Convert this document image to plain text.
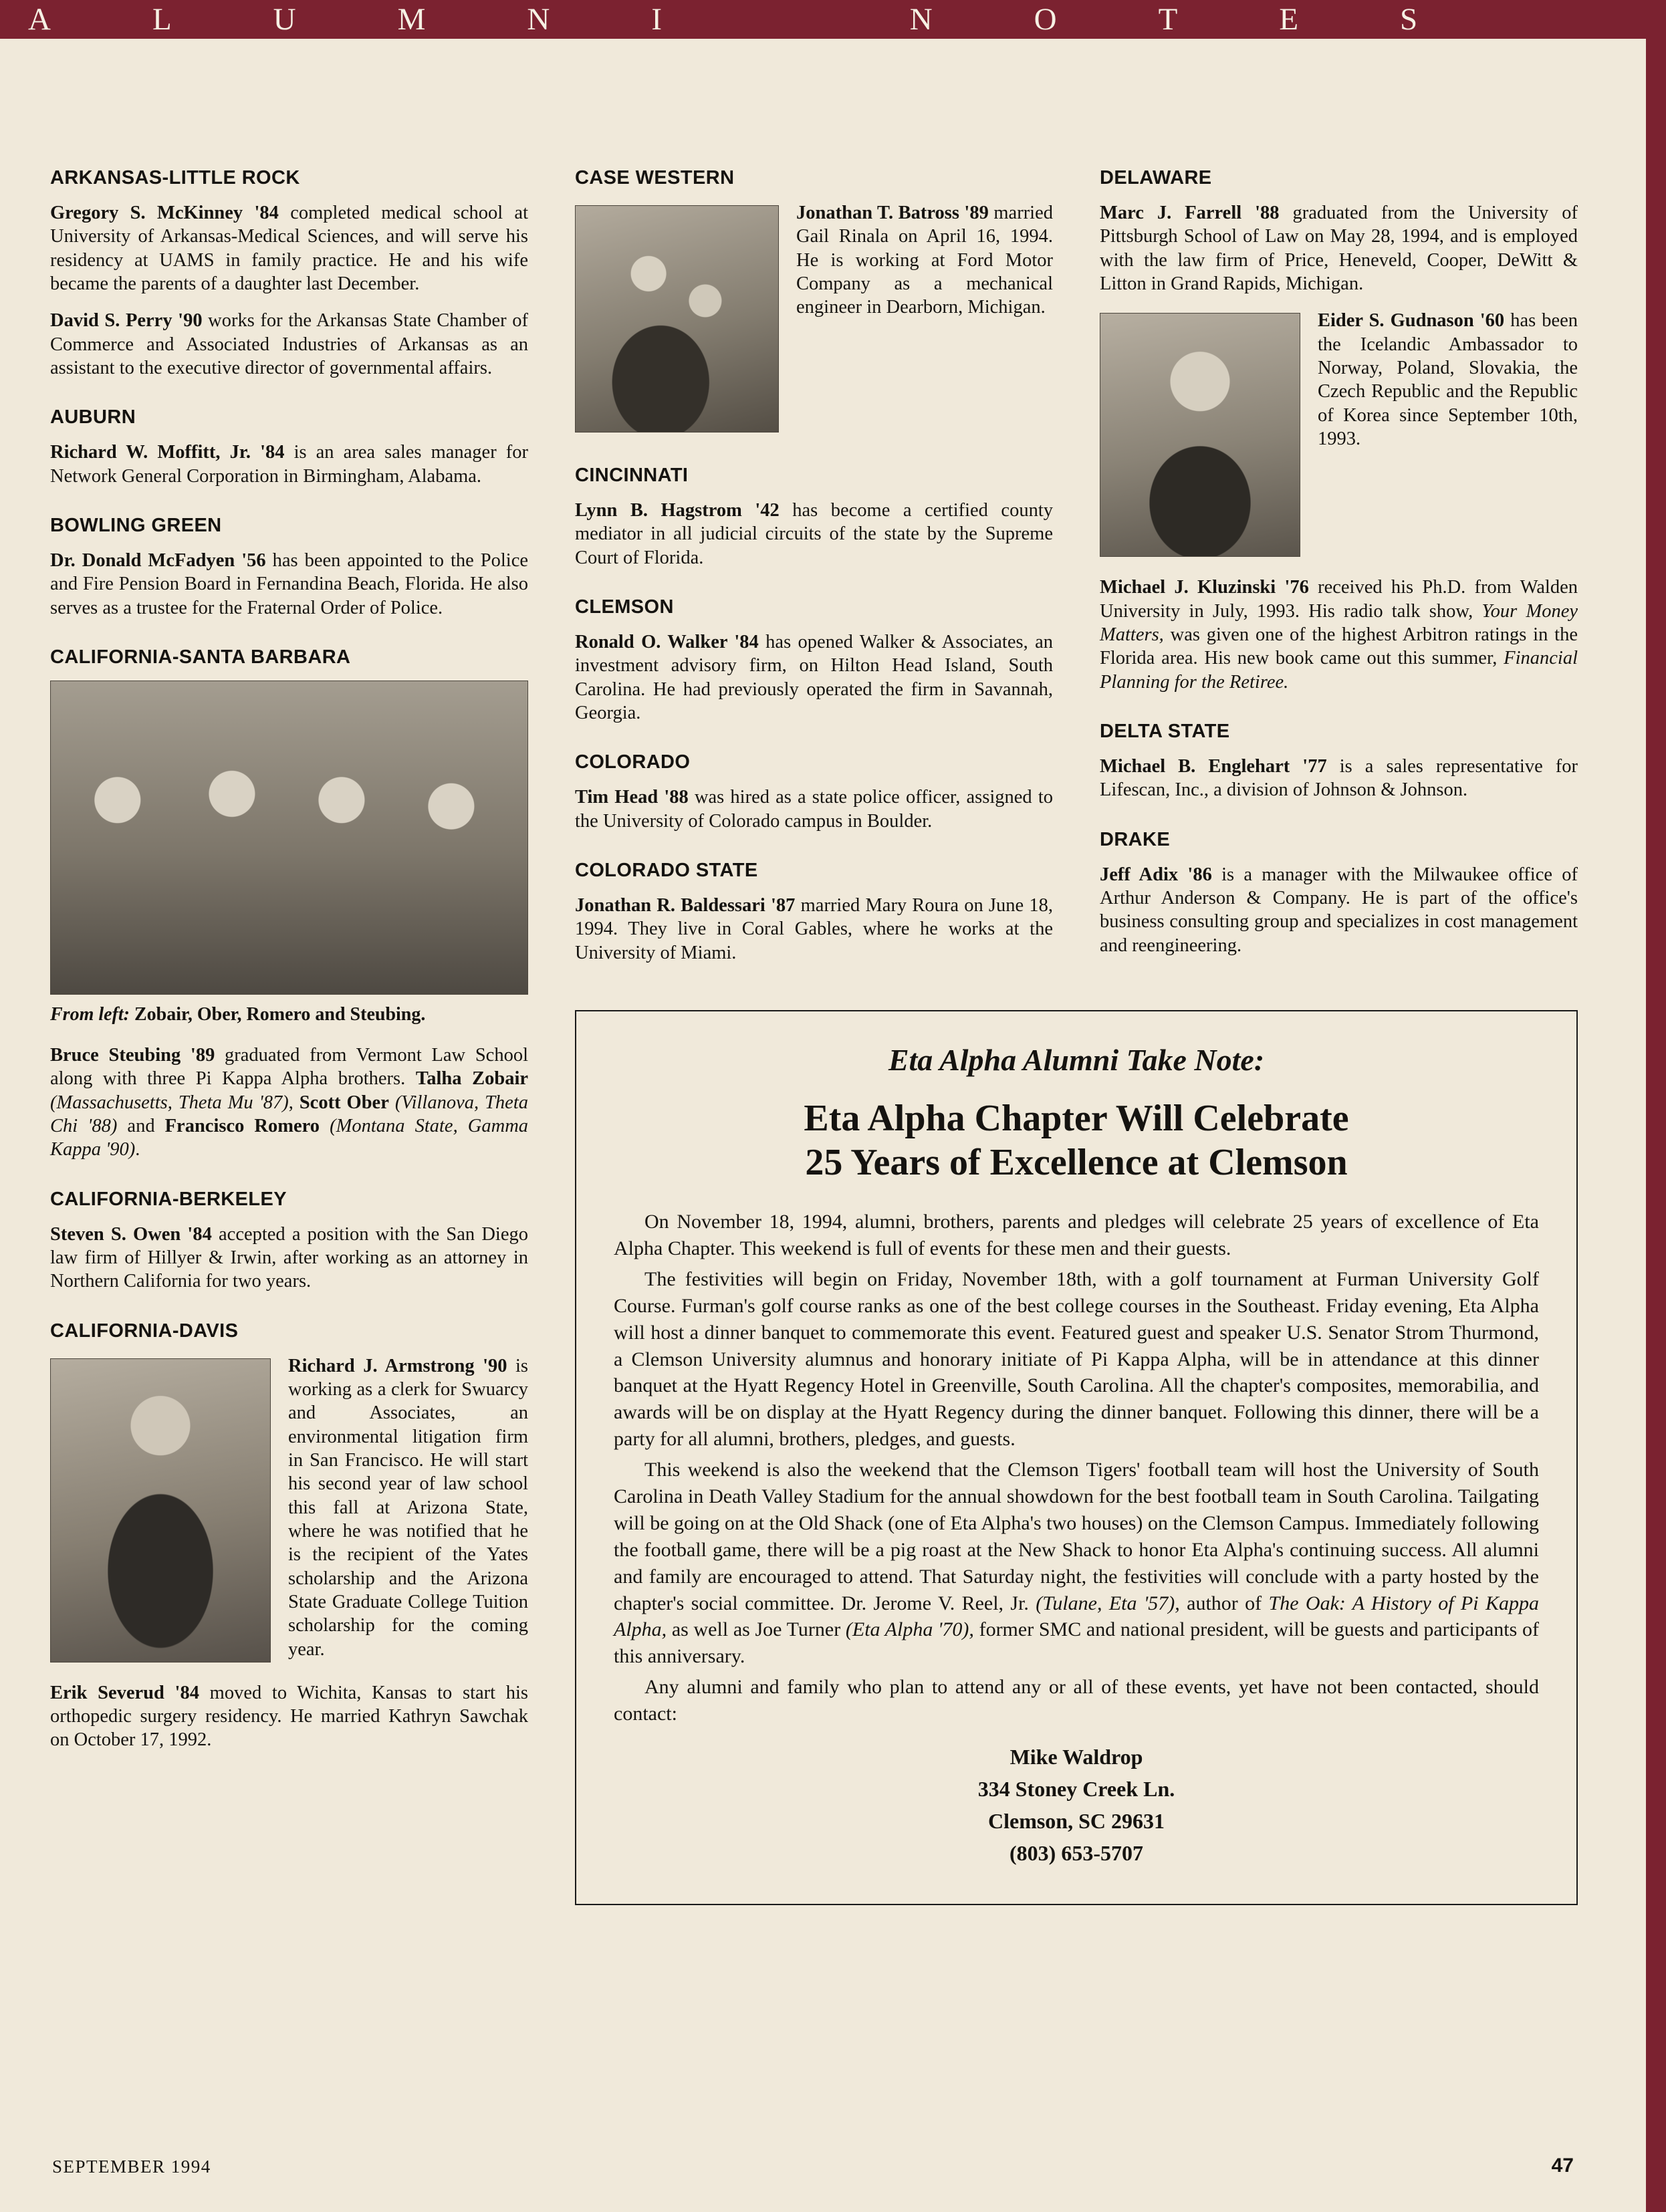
ALUMNI NOTES
ARKANSAS-LITTLE ROCK

Gregory S. McKinney '84 completed medical school at University of Arkansas-Medical Sciences, and will serve his residency at UAMS in family practice. He and his wife became the parents of a daughter last December.

David S. Perry '90 works for the Arkansas State Chamber of Commerce and Associated Industries of Arkansas as an assistant to the executive director of governmental affairs.

AUBURN

Richard W. Moffitt, Jr. '84 is an area sales manager for Network General Corporation in Birmingham, Alabama.

BOWLING GREEN

Dr. Donald McFadyen '56 has been appointed to the Police and Fire Pension Board in Fernandina Beach, Florida. He also serves as a trustee for the Fraternal Order of Police.

CALIFORNIA-SANTA BARBARA

From left: Zobair, Ober, Romero and Steubing.

Bruce Steubing '89 graduated from Vermont Law School along with three Pi Kappa Alpha brothers. Talha Zobair (Massachusetts, Theta Mu '87), Scott Ober (Villanova, Theta Chi '88) and Francisco Romero (Montana State, Gamma Kappa '90).

CALIFORNIA-BERKELEY

Steven S. Owen '84 accepted a position with the San Diego law firm of Hillyer & Irwin, after working as an attorney in Northern California for two years.

CALIFORNIA-DAVIS

Richard J. Armstrong '90 is working as a clerk for Swuarcy and Associates, an environmental litigation firm in San Francisco. He will start his second year of law school this fall at Arizona State, where he was notified that he is the recipient of the Yates scholarship and the Arizona State Graduate College Tuition scholarship for the coming year.

Erik Severud '84 moved to Wichita, Kansas to start his orthopedic surgery residency. He married Kathryn Sawchak on October 17, 1992.

CASE WESTERN

Jonathan T. Batross '89 married Gail Rinala on April 16, 1994. He is working at Ford Motor Company as a mechanical engineer in Dearborn, Michigan.

CINCINNATI

Lynn B. Hagstrom '42 has become a certified county mediator in all judicial circuits of the state by the Supreme Court of Florida.

CLEMSON

Ronald O. Walker '84 has opened Walker & Associates, an investment advisory firm, on Hilton Head Island, South Carolina. He had previously operated the firm in Savannah, Georgia.

COLORADO

Tim Head '88 was hired as a state police officer, assigned to the University of Colorado campus in Boulder.

COLORADO STATE

Jonathan R. Baldessari '87 married Mary Roura on June 18, 1994. They live in Coral Gables, where he works at the University of Miami.

DELAWARE

Marc J. Farrell '88 graduated from the University of Pittsburgh School of Law on May 28, 1994, and is employed with the law firm of Price, Heneveld, Cooper, DeWitt & Litton in Grand Rapids, Michigan.

Eider S. Gudnason '60 has been the Icelandic Ambassador to Norway, Poland, Slovakia, the Czech Republic and the Republic of Korea since September 10th, 1993.

Michael J. Kluzinski '76 received his Ph.D. from Walden University in July, 1993. His radio talk show, Your Money Matters, was given one of the highest Arbitron ratings in the Florida area. His new book came out this summer, Financial Planning for the Retiree.

DELTA STATE

Michael B. Englehart '77 is a sales representative for Lifescan, Inc., a division of Johnson & Johnson.

DRAKE

Jeff Adix '86 is a manager with the Milwaukee office of Arthur Anderson & Company. He is part of the office's business consulting group and specializes in cost management and reengineering.

Eta Alpha Alumni Take Note:
Eta Alpha Chapter Will Celebrate
25 Years of Excellence at Clemson

On November 18, 1994, alumni, brothers, parents and pledges will celebrate 25 years of excellence of Eta Alpha Chapter. This weekend is full of events for these men and their guests.

The festivities will begin on Friday, November 18th, with a golf tournament at Furman University Golf Course. Furman's golf course ranks as one of the best college courses in the Southeast. Friday evening, Eta Alpha will host a dinner banquet to commemorate this event. Featured guest and speaker U.S. Senator Strom Thurmond, a Clemson University alumnus and honorary initiate of Pi Kappa Alpha, will be in attendance at this dinner banquet at the Hyatt Regency Hotel in Greenville, South Carolina. All the chapter's composites, memorabilia, and awards will be on display at the Hyatt Regency during the dinner banquet. Following this dinner, there will be a party for all alumni, brothers, pledges, and guests.

This weekend is also the weekend that the Clemson Tigers' football team will host the University of South Carolina in Death Valley Stadium for the annual showdown for the best football team in South Carolina. Tailgating will be going on at the Old Shack (one of Eta Alpha's two houses) on the Clemson Campus. Immediately following the football game, there will be a pig roast at the New Shack to honor Eta Alpha's continuing success. All alumni and family are encouraged to attend. That Saturday night, the festivities will conclude with a party hosted by the chapter's social committee. Dr. Jerome V. Reel, Jr. (Tulane, Eta '57), author of The Oak: A History of Pi Kappa Alpha, as well as Joe Turner (Eta Alpha '70), former SMC and national president, will be guests and participants of this anniversary.

Any alumni and family who plan to attend any or all of these events, yet have not been contacted, should contact:

Mike Waldrop
334 Stoney Creek Ln.
Clemson, SC 29631
(803) 653-5707
SEPTEMBER 1994	47
